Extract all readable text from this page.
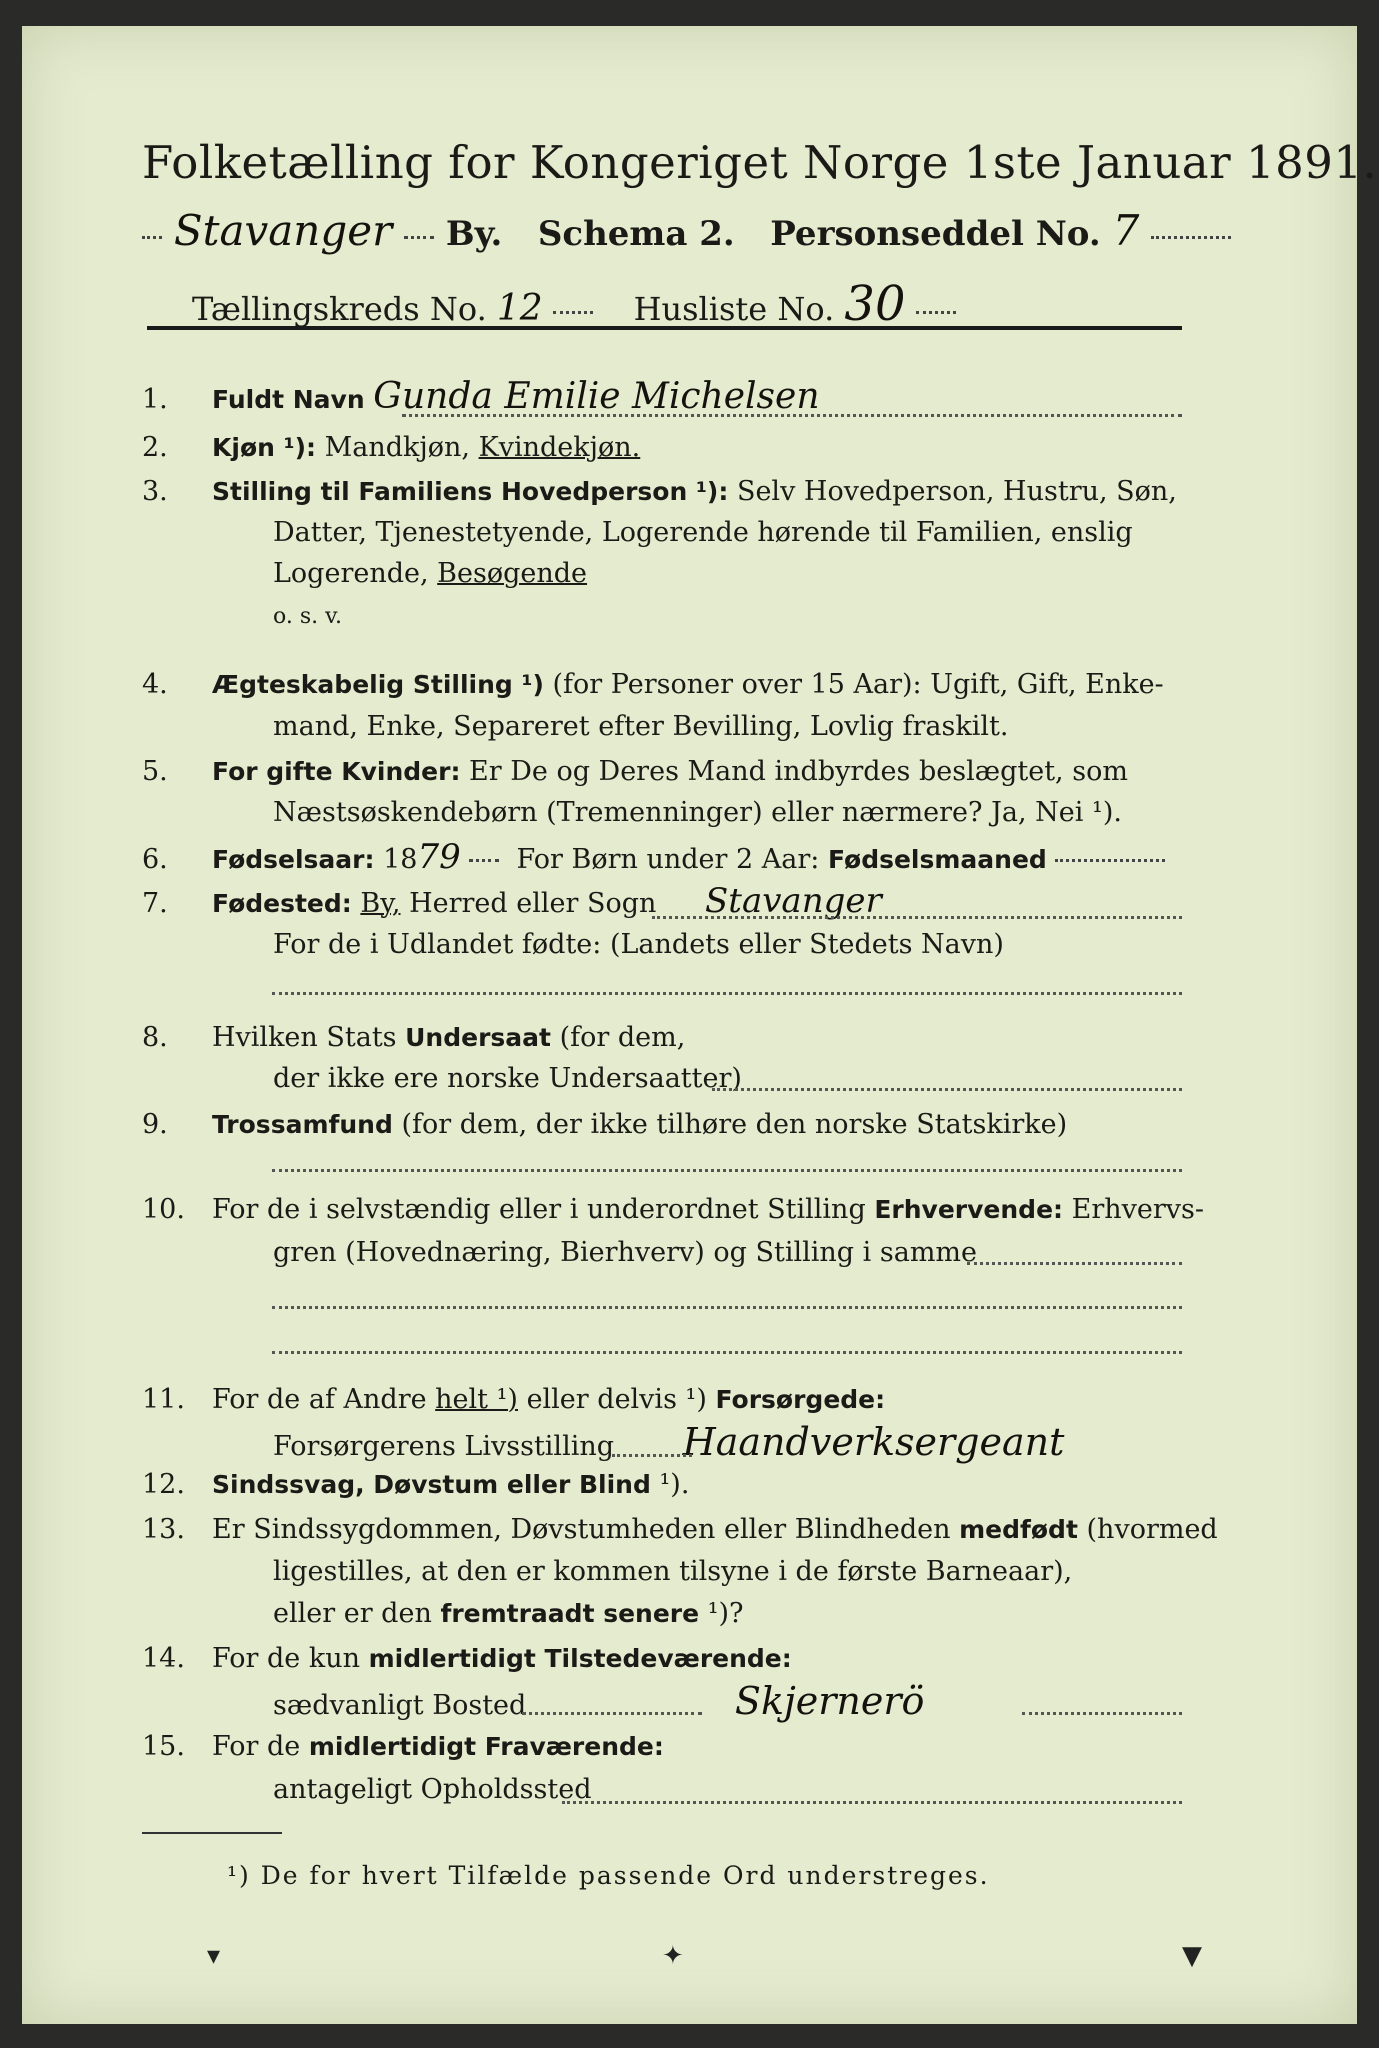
Folketælling for Kongeriget Norge 1ste Januar 1891.
Stavanger By. Schema 2. Personseddel No. 7
Tællingskreds No. 12	Husliste No. 30
1. Fuldt Navn Gunda Emilie Michelsen
2. Kjøn ¹): Mandkjøn, Kvindekjøn.
3. Stilling til Familiens Hovedperson ¹): Selv Hovedperson, Hustru, Søn,
Datter, Tjenestetyende, Logerende hørende til Familien, enslig
Logerende, Besøgende
o. s. v.
4. Ægteskabelig Stilling ¹) (for Personer over 15 Aar): Ugift, Gift, Enke-
mand, Enke, Separeret efter Bevilling, Lovlig fraskilt.
5. For gifte Kvinder: Er De og Deres Mand indbyrdes beslægtet, som
Næstsøskendebørn (Tremenninger) eller nærmere? Ja, Nei ¹).
6. Fødselsaar: 1879 For Børn under 2 Aar: Fødselsmaaned
7. Fødested: By, Herred eller Sogn Stavanger
For de i Udlandet fødte: (Landets eller Stedets Navn)
8. Hvilken Stats Undersaat (for dem,
der ikke ere norske Undersaatter)
9. Trossamfund (for dem, der ikke tilhøre den norske Statskirke)
10. For de i selvstændig eller i underordnet Stilling Erhvervende: Erhvervs-
gren (Hovednæring, Bierhverv) og Stilling i samme
11. For de af Andre helt ¹) eller delvis ¹) Forsørgede:
Forsørgerens Livsstilling Haandverksergeant
12. Sindssvag, Døvstum eller Blind ¹).
13. Er Sindssygdommen, Døvstumheden eller Blindheden medfødt (hvormed
ligestilles, at den er kommen tilsyne i de første Barneaar),
eller er den fremtraadt senere ¹)?
14. For de kun midlertidigt Tilstedeværende:
sædvanligt Bosted	Skjernerö
15. For de midlertidigt Fraværende:
antageligt Opholdssted
¹) De for hvert Tilfælde passende Ord understreges.
▾	✦	▼
